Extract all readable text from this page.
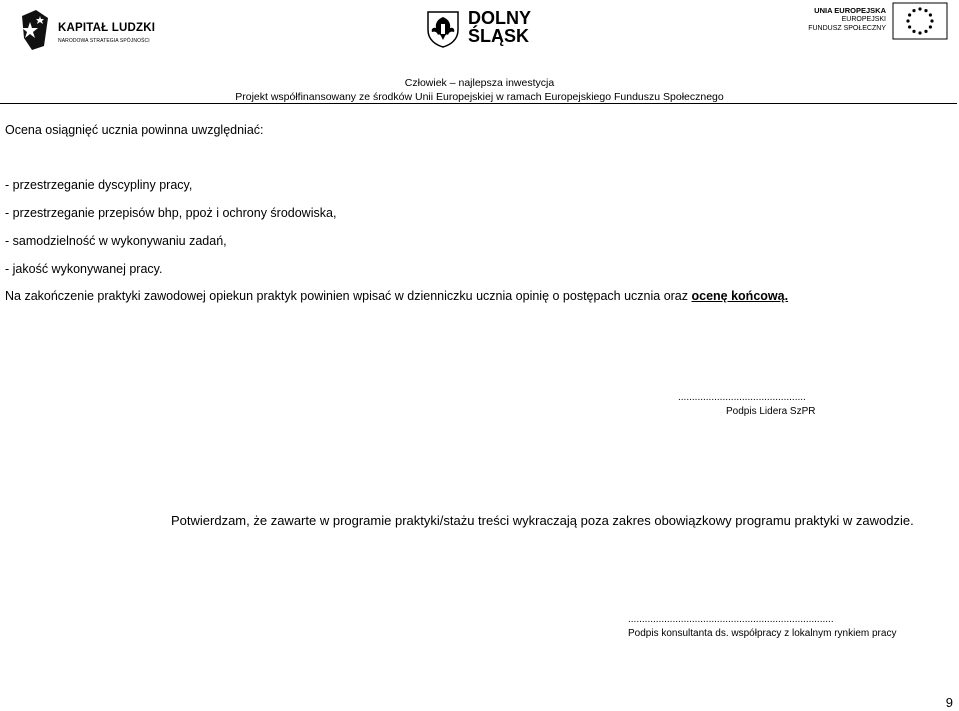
KAPITAŁ LUDZKI
NARODOWA STRATEGIA SPÓJNOŚCI
DOLNY
ŚLĄSK
UNIA EUROPEJSKA
EUROPEJSKI
FUNDUSZ SPOŁECZNY
Człowiek – najlepsza inwestycja
Projekt współfinansowany ze środków Unii Europejskiej w ramach Europejskiego Funduszu Społecznego
Ocena osiągnięć ucznia powinna uwzględniać:
- przestrzeganie dyscypliny pracy,
- przestrzeganie przepisów bhp, ppoż i ochrony środowiska,
- samodzielność w wykonywaniu zadań,
- jakość wykonywanej pracy.
Na zakończenie praktyki zawodowej opiekun praktyk powinien wpisać w dzienniczku ucznia opinię o postępach ucznia oraz ocenę końcową.
..............................................
Podpis Lidera SzPR
Potwierdzam, że zawarte w programie praktyki/stażu treści wykraczają poza zakres obowiązkowy programu praktyki w zawodzie.
..........................................................................
Podpis konsultanta ds. współpracy z lokalnym rynkiem pracy
9
